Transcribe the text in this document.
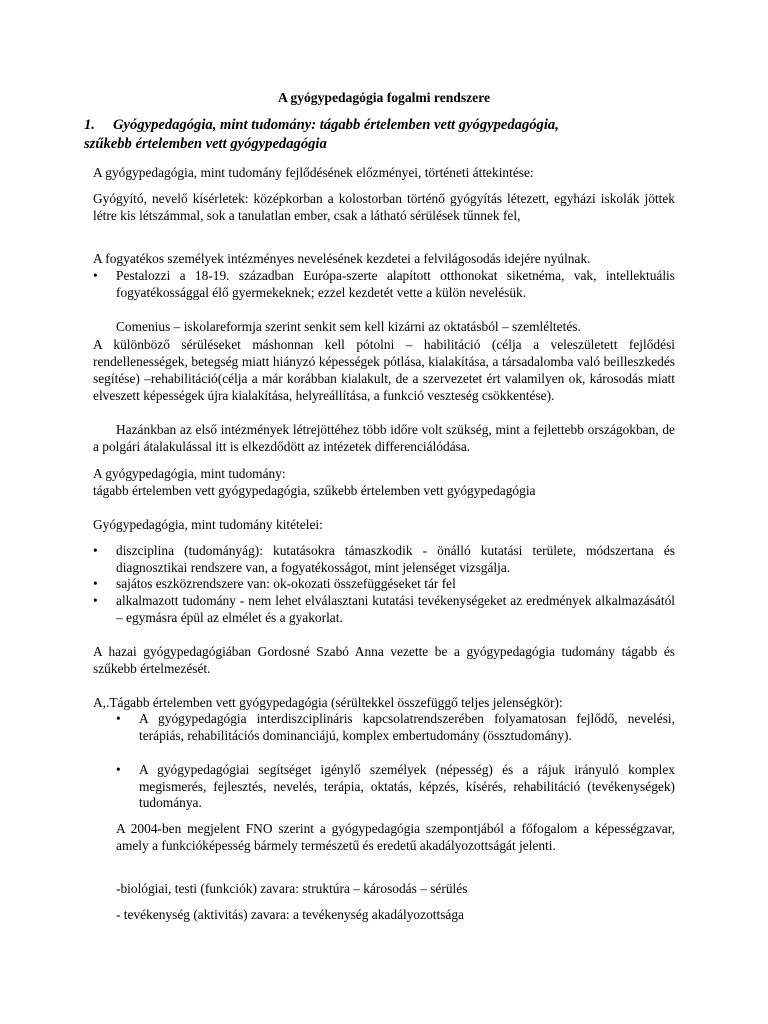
A gyógypedagógia fogalmi rendszere
1. Gyógypedagógia, mint tudomány: tágabb értelemben vett gyógypedagógia,
szűkebb értelemben vett gyógypedagógia
A gyógypedagógia, mint tudomány fejlődésének előzményei, történeti áttekintése:
Gyógyító, nevelő kísérletek: középkorban a kolostorban történő gyógyítás létezett, egyházi iskolák jöttek létre kis létszámmal, sok a tanulatlan ember, csak a látható sérülések tűnnek fel,
A fogyatékos személyek intézményes nevelésének kezdetei a felvilágosodás idejére nyúlnak.
•	Pestalozzi a 18-19. században Európa-szerte alapított otthonokat siketnéma, vak, intellektuális fogyatékossággal élő gyermekeknek; ezzel kezdetét vette a külön nevelésük.
Comenius – iskolareformja szerint senkit sem kell kizárni az oktatásból – szemléltetés.
A különböző sérüléseket máshonnan kell pótolni – habilitáció (célja a veleszületett fejlődési rendellenességek, betegség miatt hiányzó képességek pótlása, kialakítása, a társadalomba való beilleszkedés segítése) –rehabilitáció(célja a már korábban kialakult, de a szervezetet ért valamilyen ok, károsodás miatt elveszett képességek újra kialakítása, helyreállítása, a funkció veszteség csökkentése).
Hazánkban az első intézmények létrejöttéhez több időre volt szükség, mint a fejlettebb országokban, de a polgári átalakulással itt is elkezdődött az intézetek differenciálódása.
A gyógypedagógia, mint tudomány:
tágabb értelemben vett gyógypedagógia, szűkebb értelemben vett gyógypedagógia
Gyógypedagógia, mint tudomány kitételei:
•	diszciplina (tudományág): kutatásokra támaszkodik - önálló kutatási területe, módszertana és diagnosztikai rendszere van, a fogyatékosságot, mint jelenséget vizsgálja.
•	sajátos eszközrendszere van: ok-okozati összefüggéseket tár fel
•	alkalmazott tudomány - nem lehet elválasztani kutatási tevékenységeket az eredmények alkalmazásától – egymásra épül az elmélet és a gyakorlat.
A hazai gyógypedagógiában Gordosné Szabó Anna vezette be a gyógypedagógia tudomány tágabb és szűkebb értelmezését.
A,.Tágabb értelemben vett gyógypedagógia (sérültekkel összefüggő teljes jelenségkör):
•	A gyógypedagógia interdiszciplináris kapcsolatrendszerében folyamatosan fejlődő, nevelési, terápiás, rehabilitációs dominanciájú, komplex embertudomány (össztudomány).
•	A gyógypedagógiai segítséget igénylő személyek (népesség) és a rájuk irányuló komplex megismerés, fejlesztés, nevelés, terápia, oktatás, képzés, kísérés, rehabilitáció (tevékenységek) tudománya.
A 2004-ben megjelent FNO szerint a gyógypedagógia szempontjából a főfogalom a képességzavar, amely a funkcióképesség bármely természetű és eredetű akadályozottságát jelenti.
-biológiai, testi (funkciók) zavara: struktúra – károsodás – sérülés
- tevékenység (aktivitás) zavara: a tevékenység akadályozottsága
